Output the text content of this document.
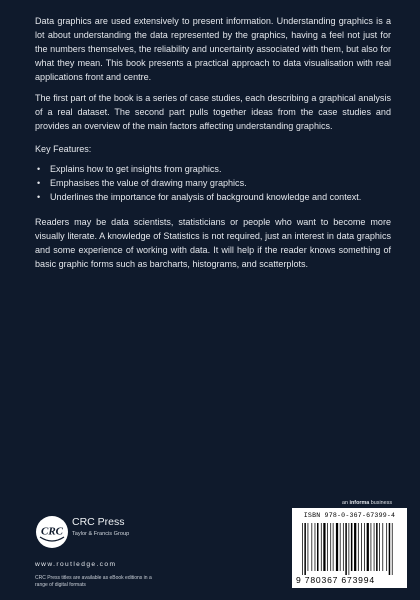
Data graphics are used extensively to present information. Understanding graphics is a lot about understanding the data represented by the graphics, having a feel not just for the numbers themselves, the reliability and uncertainty associated with them, but also for what they mean. This book presents a practical approach to data visualisation with real applications front and centre.

The first part of the book is a series of case studies, each describing a graphical analysis of a real dataset. The second part pulls together ideas from the case studies and provides an overview of the main factors affecting understanding graphics.

Key Features:

• Explains how to get insights from graphics.
• Emphasises the value of drawing many graphics.
• Underlines the importance for analysis of background knowledge and context.

Readers may be data scientists, statisticians or people who want to become more visually literate. A knowledge of Statistics is not required, just an interest in data graphics and some experience of working with data. It will help if the reader knows something of basic graphic forms such as barcharts, histograms, and scatterplots.

an informa business
ISBN 978-0-367-67399-4
9 780367 673994
CRC
CRC Press
Taylor & Francis Group
www.routledge.com
CRC Press titles are available as eBook editions in a range of digital formats
